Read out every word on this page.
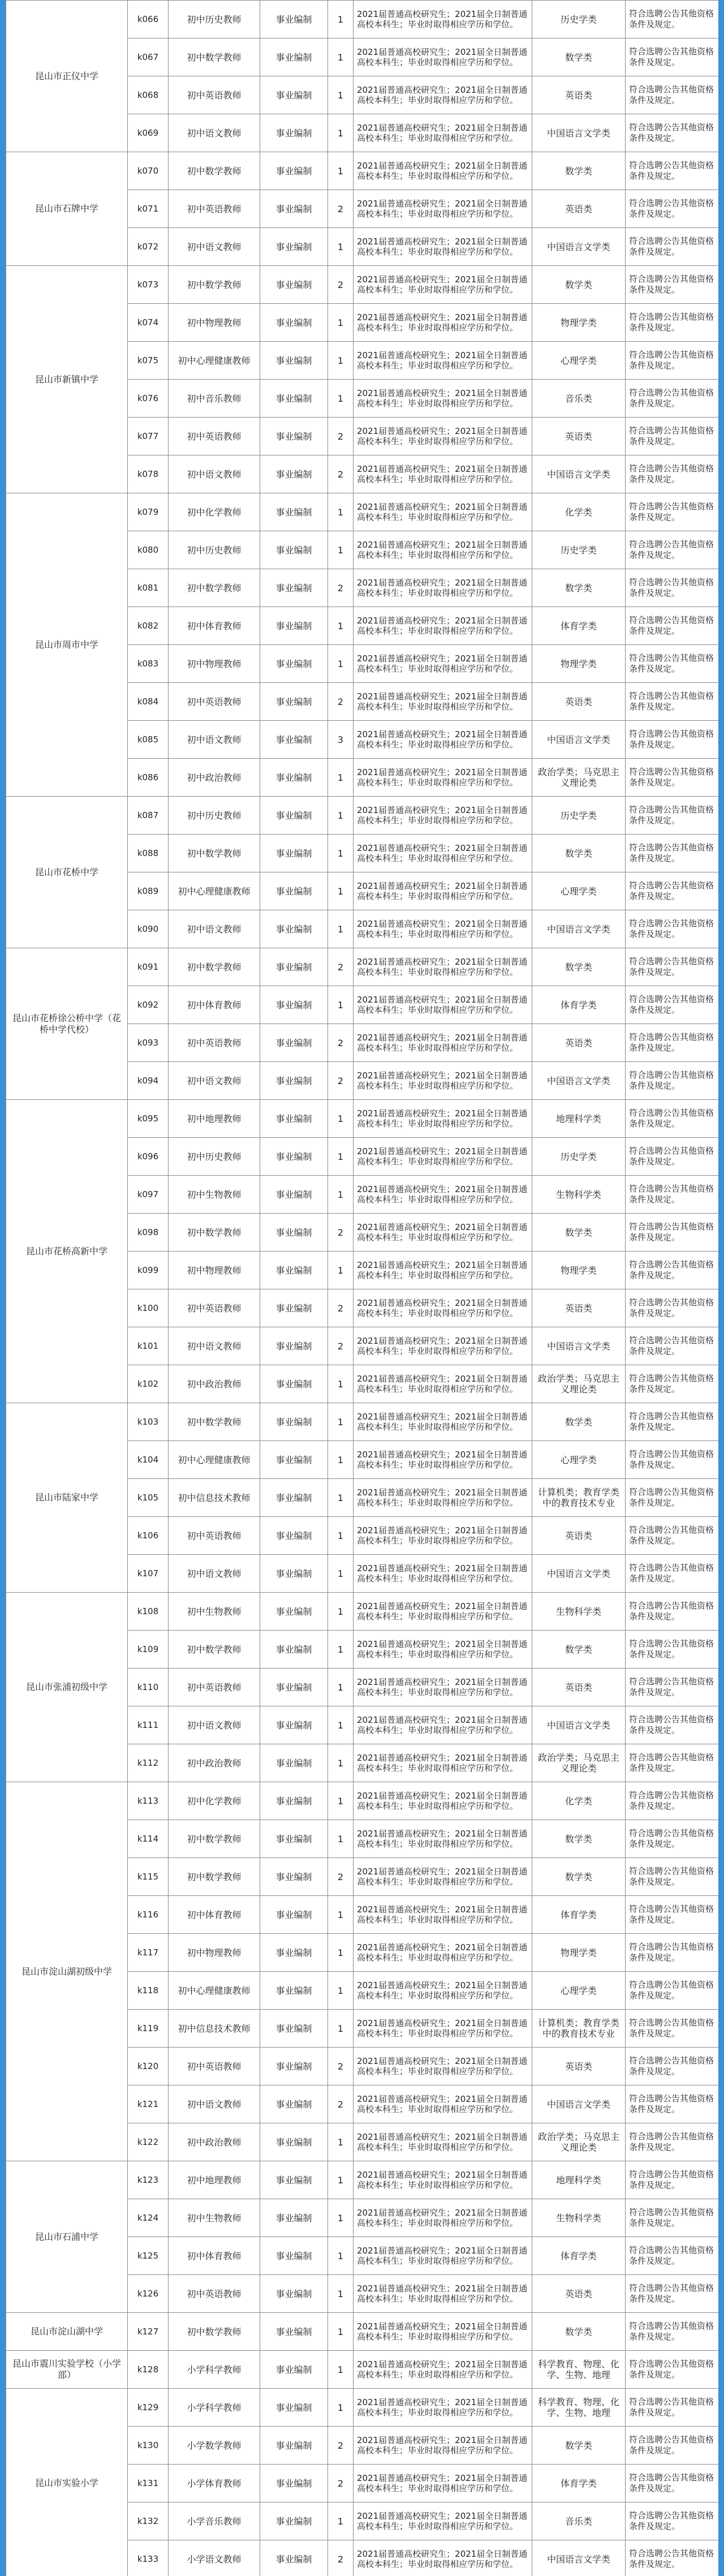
昆山市正仪中学	k066	初中历史教师	事业编制	1	2021届普通高校研究生；2021届全日制普通高校本科生；毕业时取得相应学历和学位。	历史学类	符合选聘公告其他资格条件及规定。
	k067	初中数学教师	事业编制	1	2021届普通高校研究生；2021届全日制普通高校本科生；毕业时取得相应学历和学位。	数学类	符合选聘公告其他资格条件及规定。
	k068	初中英语教师	事业编制	1	2021届普通高校研究生；2021届全日制普通高校本科生；毕业时取得相应学历和学位。	英语类	符合选聘公告其他资格条件及规定。
	k069	初中语文教师	事业编制	1	2021届普通高校研究生；2021届全日制普通高校本科生；毕业时取得相应学历和学位。	中国语言文学类	符合选聘公告其他资格条件及规定。
昆山市石牌中学	k070	初中数学教师	事业编制	1	2021届普通高校研究生；2021届全日制普通高校本科生；毕业时取得相应学历和学位。	数学类	符合选聘公告其他资格条件及规定。
	k071	初中英语教师	事业编制	2	2021届普通高校研究生；2021届全日制普通高校本科生；毕业时取得相应学历和学位。	英语类	符合选聘公告其他资格条件及规定。
	k072	初中语文教师	事业编制	1	2021届普通高校研究生；2021届全日制普通高校本科生；毕业时取得相应学历和学位。	中国语言文学类	符合选聘公告其他资格条件及规定。
昆山市新镇中学	k073	初中数学教师	事业编制	2	2021届普通高校研究生；2021届全日制普通高校本科生；毕业时取得相应学历和学位。	数学类	符合选聘公告其他资格条件及规定。
	k074	初中物理教师	事业编制	1	2021届普通高校研究生；2021届全日制普通高校本科生；毕业时取得相应学历和学位。	物理学类	符合选聘公告其他资格条件及规定。
	k075	初中心理健康教师	事业编制	1	2021届普通高校研究生；2021届全日制普通高校本科生；毕业时取得相应学历和学位。	心理学类	符合选聘公告其他资格条件及规定。
	k076	初中音乐教师	事业编制	1	2021届普通高校研究生；2021届全日制普通高校本科生；毕业时取得相应学历和学位。	音乐类	符合选聘公告其他资格条件及规定。
	k077	初中英语教师	事业编制	2	2021届普通高校研究生；2021届全日制普通高校本科生；毕业时取得相应学历和学位。	英语类	符合选聘公告其他资格条件及规定。
	k078	初中语文教师	事业编制	2	2021届普通高校研究生；2021届全日制普通高校本科生；毕业时取得相应学历和学位。	中国语言文学类	符合选聘公告其他资格条件及规定。
昆山市周市中学	k079	初中化学教师	事业编制	1	2021届普通高校研究生；2021届全日制普通高校本科生；毕业时取得相应学历和学位。	化学类	符合选聘公告其他资格条件及规定。
	k080	初中历史教师	事业编制	1	2021届普通高校研究生；2021届全日制普通高校本科生；毕业时取得相应学历和学位。	历史学类	符合选聘公告其他资格条件及规定。
	k081	初中数学教师	事业编制	2	2021届普通高校研究生；2021届全日制普通高校本科生；毕业时取得相应学历和学位。	数学类	符合选聘公告其他资格条件及规定。
	k082	初中体育教师	事业编制	1	2021届普通高校研究生；2021届全日制普通高校本科生；毕业时取得相应学历和学位。	体育学类	符合选聘公告其他资格条件及规定。
	k083	初中物理教师	事业编制	1	2021届普通高校研究生；2021届全日制普通高校本科生；毕业时取得相应学历和学位。	物理学类	符合选聘公告其他资格条件及规定。
	k084	初中英语教师	事业编制	2	2021届普通高校研究生；2021届全日制普通高校本科生；毕业时取得相应学历和学位。	英语类	符合选聘公告其他资格条件及规定。
	k085	初中语文教师	事业编制	3	2021届普通高校研究生；2021届全日制普通高校本科生；毕业时取得相应学历和学位。	中国语言文学类	符合选聘公告其他资格条件及规定。
	k086	初中政治教师	事业编制	1	2021届普通高校研究生；2021届全日制普通高校本科生；毕业时取得相应学历和学位。	政治学类；马克思主义理论类	符合选聘公告其他资格条件及规定。
昆山市花桥中学	k087	初中历史教师	事业编制	1	2021届普通高校研究生；2021届全日制普通高校本科生；毕业时取得相应学历和学位。	历史学类	符合选聘公告其他资格条件及规定。
	k088	初中数学教师	事业编制	1	2021届普通高校研究生；2021届全日制普通高校本科生；毕业时取得相应学历和学位。	数学类	符合选聘公告其他资格条件及规定。
	k089	初中心理健康教师	事业编制	1	2021届普通高校研究生；2021届全日制普通高校本科生；毕业时取得相应学历和学位。	心理学类	符合选聘公告其他资格条件及规定。
	k090	初中语文教师	事业编制	1	2021届普通高校研究生；2021届全日制普通高校本科生；毕业时取得相应学历和学位。	中国语言文学类	符合选聘公告其他资格条件及规定。
昆山市花桥徐公桥中学（花桥中学代校）	k091	初中数学教师	事业编制	2	2021届普通高校研究生；2021届全日制普通高校本科生；毕业时取得相应学历和学位。	数学类	符合选聘公告其他资格条件及规定。
	k092	初中体育教师	事业编制	1	2021届普通高校研究生；2021届全日制普通高校本科生；毕业时取得相应学历和学位。	体育学类	符合选聘公告其他资格条件及规定。
	k093	初中英语教师	事业编制	2	2021届普通高校研究生；2021届全日制普通高校本科生；毕业时取得相应学历和学位。	英语类	符合选聘公告其他资格条件及规定。
	k094	初中语文教师	事业编制	2	2021届普通高校研究生；2021届全日制普通高校本科生；毕业时取得相应学历和学位。	中国语言文学类	符合选聘公告其他资格条件及规定。
昆山市花桥高新中学	k095	初中地理教师	事业编制	1	2021届普通高校研究生；2021届全日制普通高校本科生；毕业时取得相应学历和学位。	地理科学类	符合选聘公告其他资格条件及规定。
	k096	初中历史教师	事业编制	1	2021届普通高校研究生；2021届全日制普通高校本科生；毕业时取得相应学历和学位。	历史学类	符合选聘公告其他资格条件及规定。
	k097	初中生物教师	事业编制	1	2021届普通高校研究生；2021届全日制普通高校本科生；毕业时取得相应学历和学位。	生物科学类	符合选聘公告其他资格条件及规定。
	k098	初中数学教师	事业编制	2	2021届普通高校研究生；2021届全日制普通高校本科生；毕业时取得相应学历和学位。	数学类	符合选聘公告其他资格条件及规定。
	k099	初中物理教师	事业编制	1	2021届普通高校研究生；2021届全日制普通高校本科生；毕业时取得相应学历和学位。	物理学类	符合选聘公告其他资格条件及规定。
	k100	初中英语教师	事业编制	2	2021届普通高校研究生；2021届全日制普通高校本科生；毕业时取得相应学历和学位。	英语类	符合选聘公告其他资格条件及规定。
	k101	初中语文教师	事业编制	2	2021届普通高校研究生；2021届全日制普通高校本科生；毕业时取得相应学历和学位。	中国语言文学类	符合选聘公告其他资格条件及规定。
	k102	初中政治教师	事业编制	1	2021届普通高校研究生；2021届全日制普通高校本科生；毕业时取得相应学历和学位。	政治学类；马克思主义理论类	符合选聘公告其他资格条件及规定。
昆山市陆家中学	k103	初中数学教师	事业编制	1	2021届普通高校研究生；2021届全日制普通高校本科生；毕业时取得相应学历和学位。	数学类	符合选聘公告其他资格条件及规定。
	k104	初中心理健康教师	事业编制	1	2021届普通高校研究生；2021届全日制普通高校本科生；毕业时取得相应学历和学位。	心理学类	符合选聘公告其他资格条件及规定。
	k105	初中信息技术教师	事业编制	1	2021届普通高校研究生；2021届全日制普通高校本科生；毕业时取得相应学历和学位。	计算机类；教育学类中的教育技术专业	符合选聘公告其他资格条件及规定。
	k106	初中英语教师	事业编制	1	2021届普通高校研究生；2021届全日制普通高校本科生；毕业时取得相应学历和学位。	英语类	符合选聘公告其他资格条件及规定。
	k107	初中语文教师	事业编制	1	2021届普通高校研究生；2021届全日制普通高校本科生；毕业时取得相应学历和学位。	中国语言文学类	符合选聘公告其他资格条件及规定。
昆山市张浦初级中学	k108	初中生物教师	事业编制	1	2021届普通高校研究生；2021届全日制普通高校本科生；毕业时取得相应学历和学位。	生物科学类	符合选聘公告其他资格条件及规定。
	k109	初中数学教师	事业编制	1	2021届普通高校研究生；2021届全日制普通高校本科生；毕业时取得相应学历和学位。	数学类	符合选聘公告其他资格条件及规定。
	k110	初中英语教师	事业编制	1	2021届普通高校研究生；2021届全日制普通高校本科生；毕业时取得相应学历和学位。	英语类	符合选聘公告其他资格条件及规定。
	k111	初中语文教师	事业编制	1	2021届普通高校研究生；2021届全日制普通高校本科生；毕业时取得相应学历和学位。	中国语言文学类	符合选聘公告其他资格条件及规定。
	k112	初中政治教师	事业编制	1	2021届普通高校研究生；2021届全日制普通高校本科生；毕业时取得相应学历和学位。	政治学类；马克思主义理论类	符合选聘公告其他资格条件及规定。
昆山市淀山湖初级中学	k113	初中化学教师	事业编制	1	2021届普通高校研究生；2021届全日制普通高校本科生；毕业时取得相应学历和学位。	化学类	符合选聘公告其他资格条件及规定。
	k114	初中数学教师	事业编制	1	2021届普通高校研究生；2021届全日制普通高校本科生；毕业时取得相应学历和学位。	数学类	符合选聘公告其他资格条件及规定。
	k115	初中数学教师	事业编制	2	2021届普通高校研究生；2021届全日制普通高校本科生；毕业时取得相应学历和学位。	数学类	符合选聘公告其他资格条件及规定。
	k116	初中体育教师	事业编制	1	2021届普通高校研究生；2021届全日制普通高校本科生；毕业时取得相应学历和学位。	体育学类	符合选聘公告其他资格条件及规定。
	k117	初中物理教师	事业编制	1	2021届普通高校研究生；2021届全日制普通高校本科生；毕业时取得相应学历和学位。	物理学类	符合选聘公告其他资格条件及规定。
	k118	初中心理健康教师	事业编制	1	2021届普通高校研究生；2021届全日制普通高校本科生；毕业时取得相应学历和学位。	心理学类	符合选聘公告其他资格条件及规定。
	k119	初中信息技术教师	事业编制	1	2021届普通高校研究生；2021届全日制普通高校本科生；毕业时取得相应学历和学位。	计算机类；教育学类中的教育技术专业	符合选聘公告其他资格条件及规定。
	k120	初中英语教师	事业编制	2	2021届普通高校研究生；2021届全日制普通高校本科生；毕业时取得相应学历和学位。	英语类	符合选聘公告其他资格条件及规定。
	k121	初中语文教师	事业编制	2	2021届普通高校研究生；2021届全日制普通高校本科生；毕业时取得相应学历和学位。	中国语言文学类	符合选聘公告其他资格条件及规定。
	k122	初中政治教师	事业编制	1	2021届普通高校研究生；2021届全日制普通高校本科生；毕业时取得相应学历和学位。	政治学类；马克思主义理论类	符合选聘公告其他资格条件及规定。
昆山市石浦中学	k123	初中地理教师	事业编制	1	2021届普通高校研究生；2021届全日制普通高校本科生；毕业时取得相应学历和学位。	地理科学类	符合选聘公告其他资格条件及规定。
	k124	初中生物教师	事业编制	1	2021届普通高校研究生；2021届全日制普通高校本科生；毕业时取得相应学历和学位。	生物科学类	符合选聘公告其他资格条件及规定。
	k125	初中体育教师	事业编制	1	2021届普通高校研究生；2021届全日制普通高校本科生；毕业时取得相应学历和学位。	体育学类	符合选聘公告其他资格条件及规定。
	k126	初中英语教师	事业编制	1	2021届普通高校研究生；2021届全日制普通高校本科生；毕业时取得相应学历和学位。	英语类	符合选聘公告其他资格条件及规定。
昆山市淀山湖中学	k127	初中数学教师	事业编制	1	2021届普通高校研究生；2021届全日制普通高校本科生；毕业时取得相应学历和学位。	数学类	符合选聘公告其他资格条件及规定。
昆山市震川实验学校（小学部）	k128	小学科学教师	事业编制	1	2021届普通高校研究生；2021届全日制普通高校本科生；毕业时取得相应学历和学位。	科学教育、物理、化学、生物、地理	符合选聘公告其他资格条件及规定。
昆山市实验小学	k129	小学科学教师	事业编制	1	2021届普通高校研究生；2021届全日制普通高校本科生；毕业时取得相应学历和学位。	科学教育、物理、化学、生物、地理	符合选聘公告其他资格条件及规定。
	k130	小学数学教师	事业编制	2	2021届普通高校研究生；2021届全日制普通高校本科生；毕业时取得相应学历和学位。	数学类	符合选聘公告其他资格条件及规定。
	k131	小学体育教师	事业编制	2	2021届普通高校研究生；2021届全日制普通高校本科生；毕业时取得相应学历和学位。	体育学类	符合选聘公告其他资格条件及规定。
	k132	小学音乐教师	事业编制	1	2021届普通高校研究生；2021届全日制普通高校本科生；毕业时取得相应学历和学位。	音乐类	符合选聘公告其他资格条件及规定。
	k133	小学语文教师	事业编制	2	2021届普通高校研究生；2021届全日制普通高校本科生；毕业时取得相应学历和学位。	中国语言文学类	符合选聘公告其他资格条件及规定。
